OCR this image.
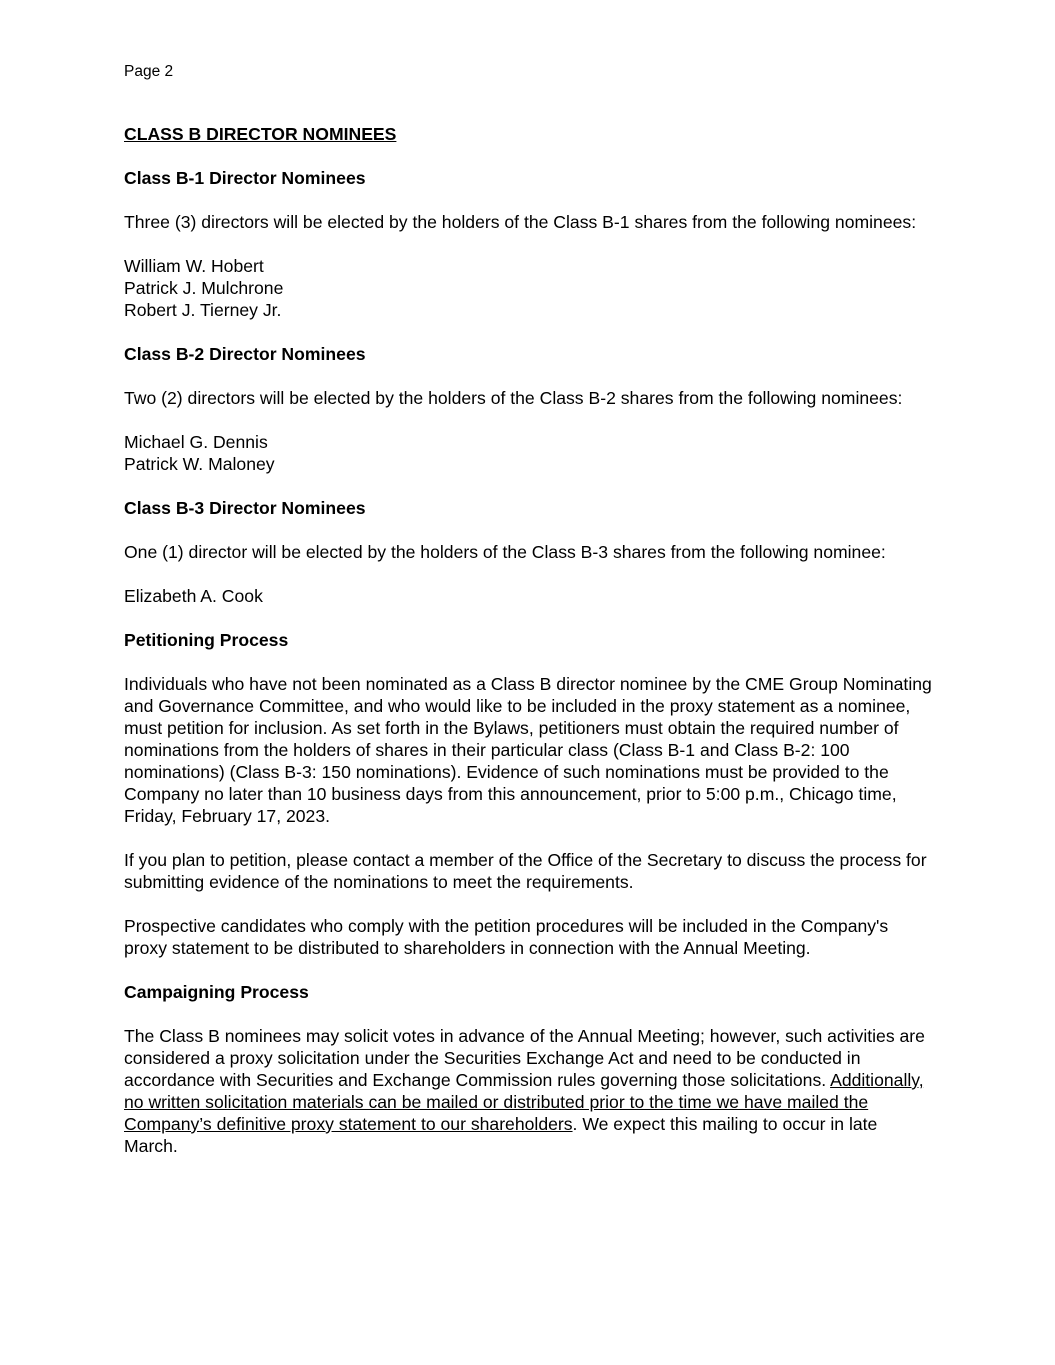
Page 2
CLASS B DIRECTOR NOMINEES
Class B-1 Director Nominees
Three (3) directors will be elected by the holders of the Class B-1 shares from the following nominees:
William W. Hobert
Patrick J. Mulchrone
Robert J. Tierney Jr.
Class B-2 Director Nominees
Two (2) directors will be elected by the holders of the Class B-2 shares from the following nominees:
Michael G. Dennis
Patrick W. Maloney
Class B-3 Director Nominees
One (1) director will be elected by the holders of the Class B-3 shares from the following nominee:
Elizabeth A. Cook
Petitioning Process
Individuals who have not been nominated as a Class B director nominee by the CME Group Nominating and Governance Committee, and who would like to be included in the proxy statement as a nominee, must petition for inclusion. As set forth in the Bylaws, petitioners must obtain the required number of nominations from the holders of shares in their particular class (Class B-1 and Class B-2: 100 nominations) (Class B-3: 150 nominations). Evidence of such nominations must be provided to the Company no later than 10 business days from this announcement, prior to 5:00 p.m., Chicago time, Friday, February 17, 2023.
If you plan to petition, please contact a member of the Office of the Secretary to discuss the process for submitting evidence of the nominations to meet the requirements.
Prospective candidates who comply with the petition procedures will be included in the Company's proxy statement to be distributed to shareholders in connection with the Annual Meeting.
Campaigning Process
The Class B nominees may solicit votes in advance of the Annual Meeting; however, such activities are considered a proxy solicitation under the Securities Exchange Act and need to be conducted in accordance with Securities and Exchange Commission rules governing those solicitations. Additionally, no written solicitation materials can be mailed or distributed prior to the time we have mailed the Company’s definitive proxy statement to our shareholders. We expect this mailing to occur in late March.
